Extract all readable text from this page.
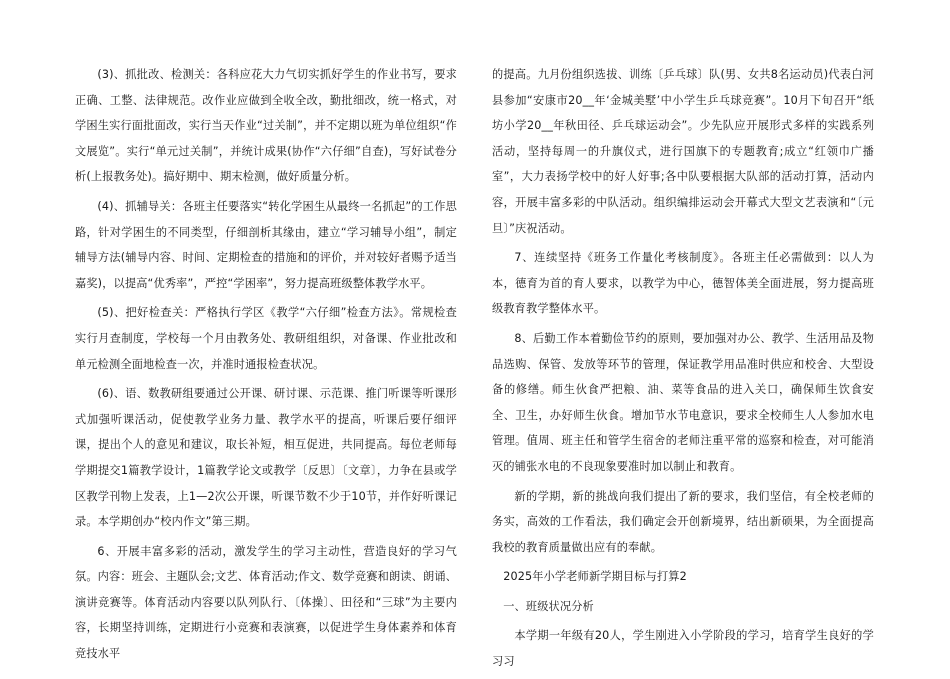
(3)、抓批改、检测关：各科应花大力气切实抓好学生的作业书写，要求正确、工整、法律规范。改作业应做到全收全改，勤批细改，统一格式，对学困生实行面批面改，实行当天作业“过关制”，并不定期以班为单位组织“作文展览”。实行“单元过关制”，并统计成果(协作“六仔细”自查)，写好试卷分析(上报教务处)。搞好期中、期末检测，做好质量分析。

(4)、抓辅导关：各班主任要落实“转化学困生从最终一名抓起”的工作思路，针对学困生的不同类型，仔细剖析其缘由，建立“学习辅导小组”，制定辅导方法(辅导内容、时间、定期检查的措施和的评价，并对较好者赐予适当嘉奖)，以提高“优秀率”，严控“学困率”，努力提高班级整体教学水平。

(5)、把好检查关：严格执行学区《教学“六仔细”检查方法》。常规检查实行月查制度，学校每一个月由教务处、教研组组织，对备课、作业批改和单元检测全面地检查一次，并准时通报检查状况。

(6)、语、数教研组要通过公开课、研讨课、示范课、推门听课等听课形式加强听课活动，促使教学业务力量、教学水平的提高，听课后要仔细评课，提出个人的意见和建议，取长补短，相互促进，共同提高。每位老师每学期提交1篇教学设计，1篇教学论文或教学〔反思〕〔文章〕，力争在县或学区教学刊物上发表，上1—2次公开课，听课节数不少于10节，并作好听课记录。本学期创办“校内作文”第三期。

6、开展丰富多彩的活动，激发学生的学习主动性，营造良好的学习气氛。内容：班会、主题队会;文艺、体育活动;作文、数学竞赛和朗读、朗诵、演讲竞赛等。体育活动内容要以队列队行、〔体操〕、田径和“三球”为主要内容，长期坚持训练，定期进行小竞赛和表演赛，以促进学生身体素养和体育竞技水平

的提高。九月份组织选拔、训练〔乒乓球〕队(男、女共8名运动员)代表白河县参加“安康市20__年‘金城美墅’中小学生乒乓球竞赛”。10月下旬召开“纸坊小学20__年秋田径、乒乓球运动会”。少先队应开展形式多样的实践系列活动，坚持每周一的升旗仪式，进行国旗下的专题教育;成立“红领巾广播室”，大力表扬学校中的好人好事;各中队要根据大队部的活动打算，活动内容，开展丰富多彩的中队活动。组织编排运动会开幕式大型文艺表演和“〔元旦〕”庆祝活动。

7、连续坚持《班务工作量化考核制度》。各班主任必需做到：以人为本，德育为首的育人要求，以教学为中心，德智体美全面进展，努力提高班级教育教学整体水平。

8、后勤工作本着勤俭节约的原则，要加强对办公、教学、生活用品及物品选购、保管、发放等环节的管理，保证教学用品准时供应和校舍、大型设备的修缮。师生伙食严把粮、油、菜等食品的进入关口，确保师生饮食安全、卫生，办好师生伙食。增加节水节电意识，要求全校师生人人参加水电管理。值周、班主任和管学生宿舍的老师注重平常的巡察和检查，对可能消灭的铺张水电的不良现象要准时加以制止和教育。

新的学期，新的挑战向我们提出了新的要求，我们坚信，有全校老师的务实，高效的工作看法，我们确定会开创新境界，结出新硕果，为全面提高我校的教育质量做出应有的奉献。

2025年小学老师新学期目标与打算2

一、班级状况分析

本学期一年级有20人，学生刚进入小学阶段的学习，培育学生良好的学习习
